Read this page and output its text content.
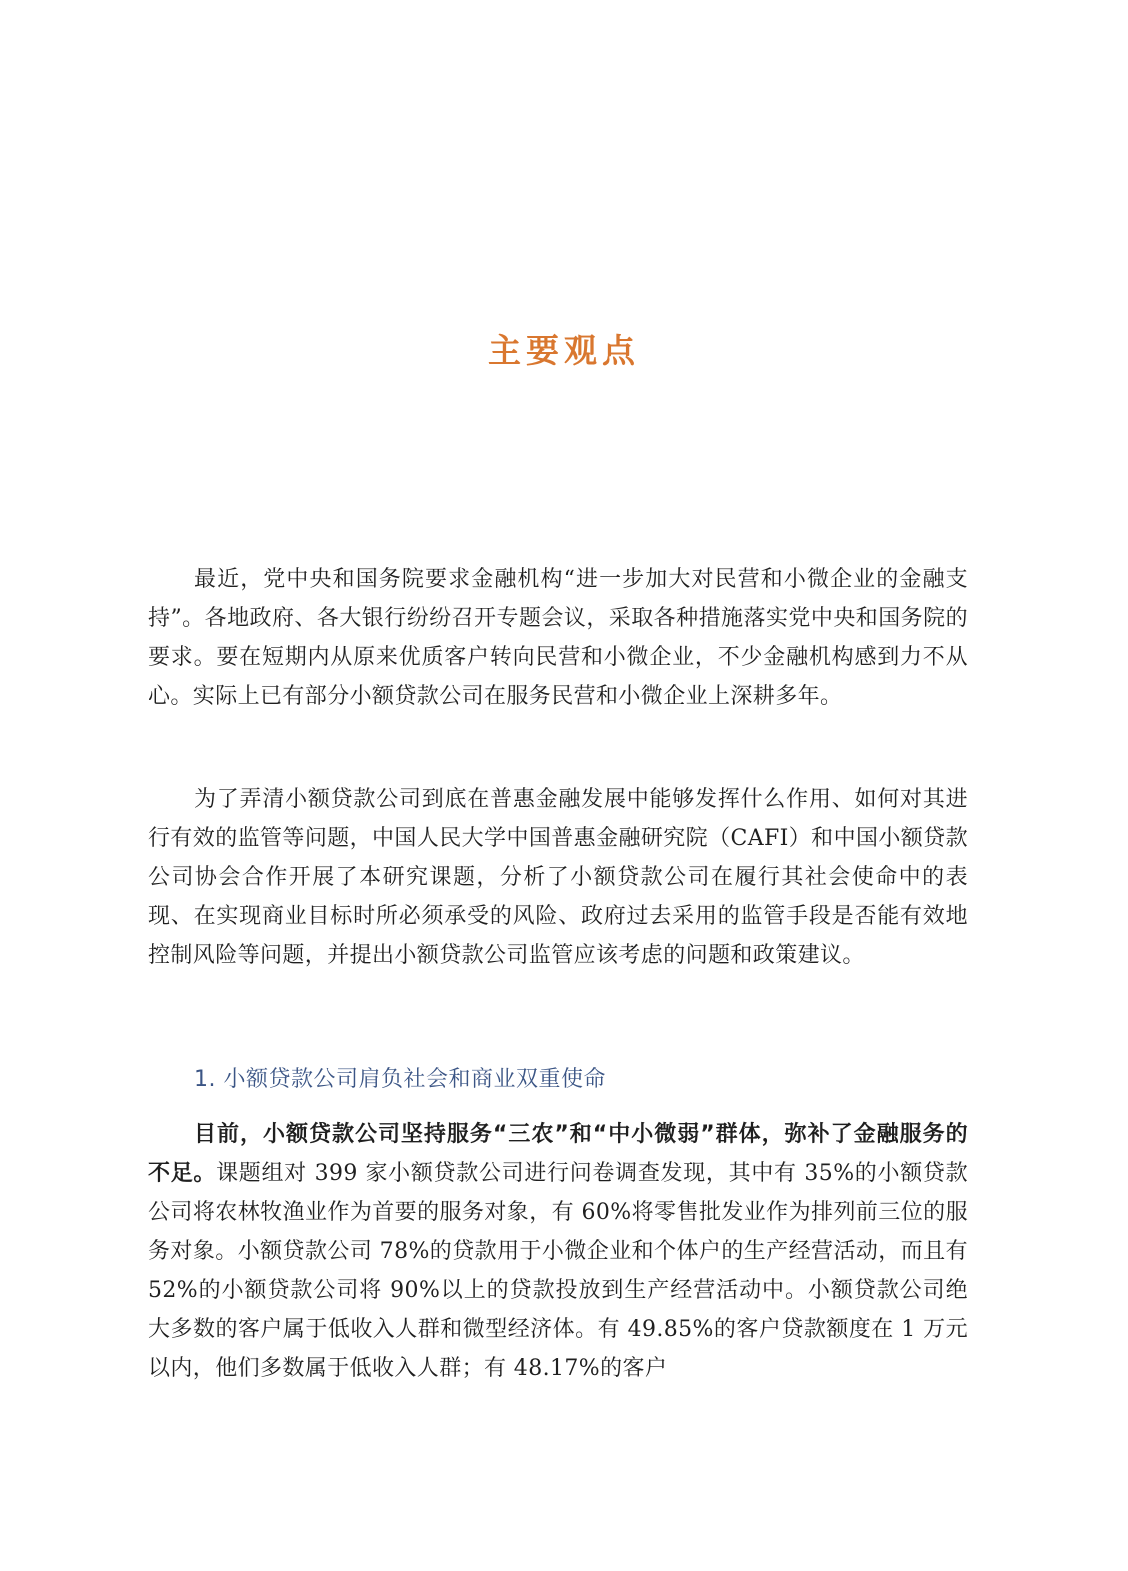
主要观点

最近，党中央和国务院要求金融机构“进一步加大对民营和小微企业的金融支持”。各地政府、各大银行纷纷召开专题会议，采取各种措施落实党中央和国务院的要求。要在短期内从原来优质客户转向民营和小微企业，不少金融机构感到力不从心。实际上已有部分小额贷款公司在服务民营和小微企业上深耕多年。

为了弄清小额贷款公司到底在普惠金融发展中能够发挥什么作用、如何对其进行有效的监管等问题，中国人民大学中国普惠金融研究院（CAFI）和中国小额贷款公司协会合作开展了本研究课题，分析了小额贷款公司在履行其社会使命中的表现、在实现商业目标时所必须承受的风险、政府过去采用的监管手段是否能有效地控制风险等问题，并提出小额贷款公司监管应该考虑的问题和政策建议。

1. 小额贷款公司肩负社会和商业双重使命

目前，小额贷款公司坚持服务“三农”和“中小微弱”群体，弥补了金融服务的不足。课题组对 399 家小额贷款公司进行问卷调查发现，其中有 35%的小额贷款公司将农林牧渔业作为首要的服务对象，有 60%将零售批发业作为排列前三位的服务对象。小额贷款公司 78%的贷款用于小微企业和个体户的生产经营活动，而且有 52%的小额贷款公司将 90%以上的贷款投放到生产经营活动中。小额贷款公司绝大多数的客户属于低收入人群和微型经济体。有 49.85%的客户贷款额度在 1 万元以内，他们多数属于低收入人群；有 48.17%的客户
